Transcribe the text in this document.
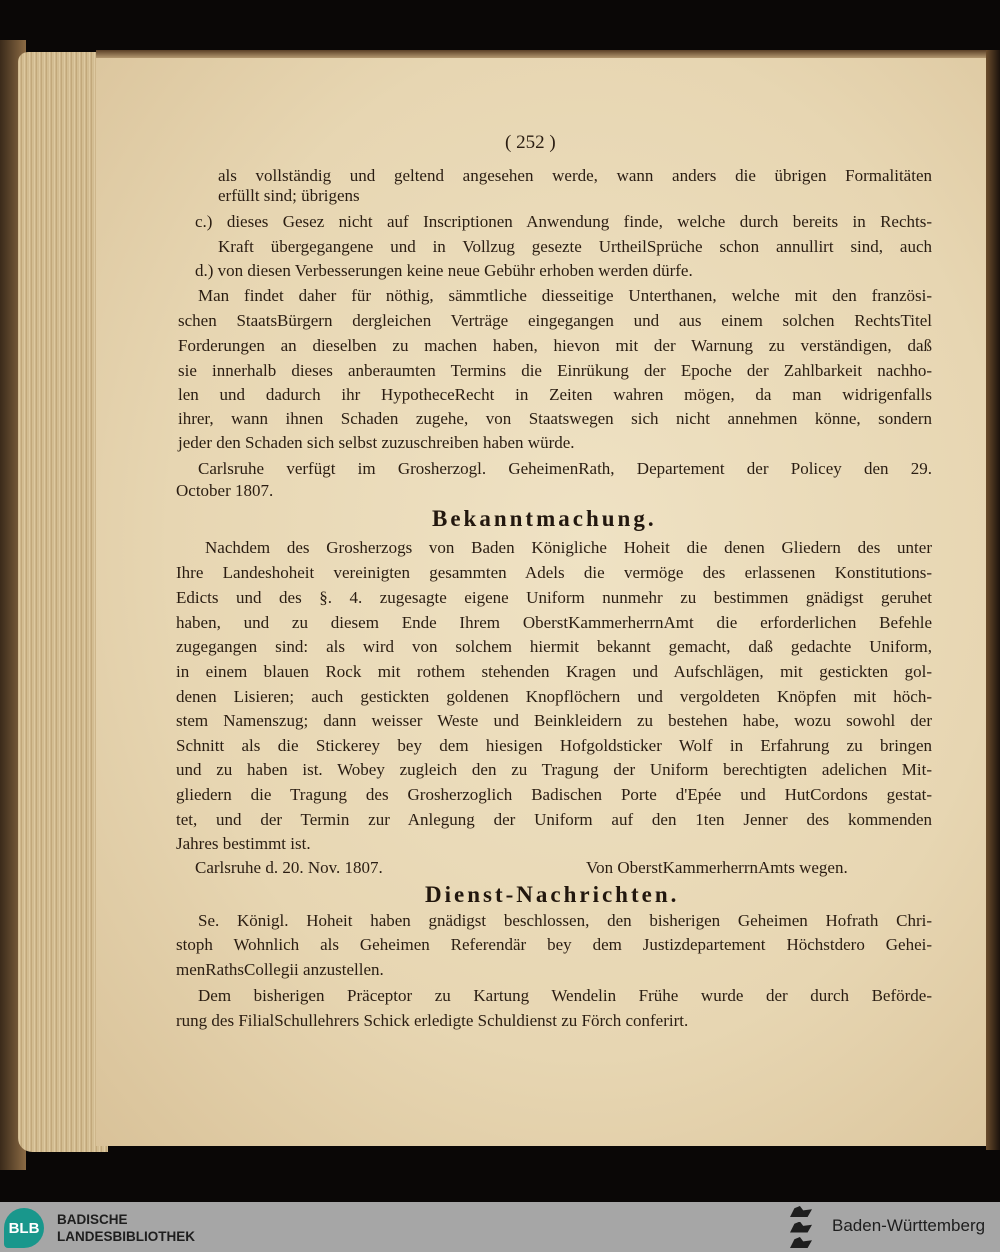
( 252 )
als vollständig und geltend angesehen werde, wann anders die übrigen Formalitäten
erfüllt sind; übrigens
c.) dieses Gesez nicht auf Inscriptionen Anwendung finde, welche durch bereits in Rechts-
Kraft übergegangene und in Vollzug gesezte UrtheilSprüche schon annullirt sind, auch
d.) von diesen Verbesserungen keine neue Gebühr erhoben werden dürfe.
Man findet daher für nöthig, sämmtliche diesseitige Unterthanen, welche mit den französi-
schen StaatsBürgern dergleichen Verträge eingegangen und aus einem solchen RechtsTitel
Forderungen an dieselben zu machen haben, hievon mit der Warnung zu verständigen, daß
sie innerhalb dieses anberaumten Termins die Einrükung der Epoche der Zahlbarkeit nachho-
len und dadurch ihr HypotheceRecht in Zeiten wahren mögen, da man widrigenfalls
ihrer, wann ihnen Schaden zugehe, von Staatswegen sich nicht annehmen könne, sondern
jeder den Schaden sich selbst zuzuschreiben haben würde.
Carlsruhe verfügt im Grosherzogl. GeheimenRath, Departement der Policey den 29.
October 1807.
Bekanntmachung.
Nachdem des Grosherzogs von Baden Königliche Hoheit die denen Gliedern des unter
Ihre Landeshoheit vereinigten gesammten Adels die vermöge des erlassenen Konstitutions-
Edicts und des §. 4. zugesagte eigene Uniform nunmehr zu bestimmen gnädigst geruhet
haben, und zu diesem Ende Ihrem OberstKammerherrnAmt die erforderlichen Befehle
zugegangen sind: als wird von solchem hiermit bekannt gemacht, daß gedachte Uniform,
in einem blauen Rock mit rothem stehenden Kragen und Aufschlägen, mit gestickten gol-
denen Lisieren; auch gestickten goldenen Knopflöchern und vergoldeten Knöpfen mit höch-
stem Namenszug; dann weisser Weste und Beinkleidern zu bestehen habe, wozu sowohl der
Schnitt als die Stickerey bey dem hiesigen Hofgoldsticker Wolf in Erfahrung zu bringen
und zu haben ist. Wobey zugleich den zu Tragung der Uniform berechtigten adelichen Mit-
gliedern die Tragung des Grosherzoglich Badischen Porte d'Epée und HutCordons gestat-
tet, und der Termin zur Anlegung der Uniform auf den 1ten Jenner des kommenden
Jahres bestimmt ist.
Carlsruhe d. 20. Nov. 1807.	Von OberstKammerherrnAmts wegen.
Dienst-Nachrichten.
Se. Königl. Hoheit haben gnädigst beschlossen, den bisherigen Geheimen Hofrath Chri-
stoph Wohnlich als Geheimen Referendär bey dem Justizdepartement Höchstdero Gehei-
menRathsCollegii anzustellen.
Dem bisherigen Präceptor zu Kartung Wendelin Frühe wurde der durch Beförde-
rung des FilialSchullehrers Schick erledigte Schuldienst zu Förch conferirt.
BLB	BADISCHE
LANDESBIBLIOTHEK
Baden-Württemberg
